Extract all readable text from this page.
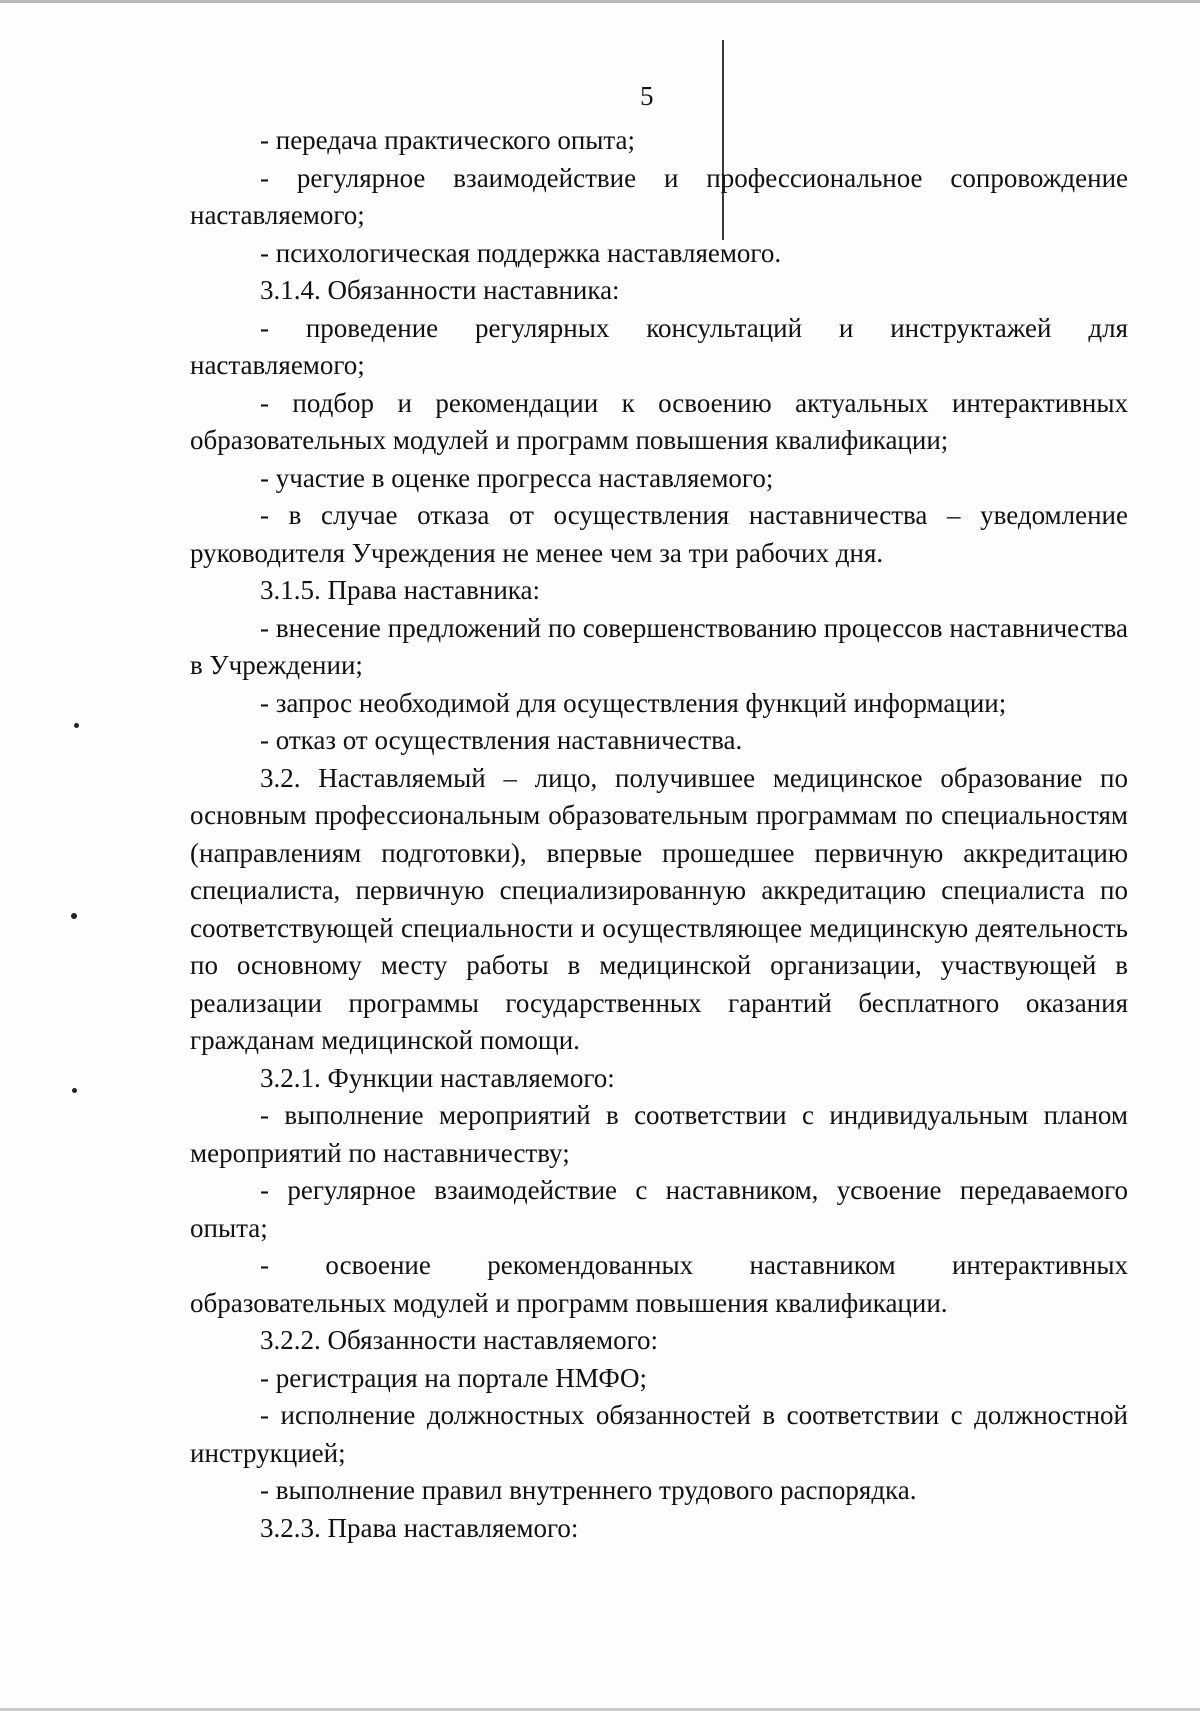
5

- передача практического опыта;

- регулярное взаимодействие и профессиональное сопровождение наставляемого;

- психологическая поддержка наставляемого.

3.1.4. Обязанности наставника:

- проведение регулярных консультаций и инструктажей для наставляемого;

- подбор и рекомендации к освоению актуальных интерактивных образовательных модулей и программ повышения квалификации;

- участие в оценке прогресса наставляемого;

- в случае отказа от осуществления наставничества – уведомление руководителя Учреждения не менее чем за три рабочих дня.

3.1.5. Права наставника:

- внесение предложений по совершенствованию процессов наставничества в Учреждении;

- запрос необходимой для осуществления функций информации;

- отказ от осуществления наставничества.

3.2. Наставляемый – лицо, получившее медицинское образование по основным профессиональным образовательным программам по специальностям (направлениям подготовки), впервые прошедшее первичную аккредитацию специалиста, первичную специализированную аккредитацию специалиста по соответствующей специальности и осуществляющее медицинскую деятельность по основному месту работы в медицинской организации, участвующей в реализации программы государственных гарантий бесплатного оказания гражданам медицинской помощи.

3.2.1. Функции наставляемого:

- выполнение мероприятий в соответствии с индивидуальным планом мероприятий по наставничеству;

- регулярное взаимодействие с наставником, усвоение передаваемого опыта;

- освоение рекомендованных наставником интерактивных образовательных модулей и программ повышения квалификации.

3.2.2. Обязанности наставляемого:

- регистрация на портале НМФО;

- исполнение должностных обязанностей в соответствии с должностной инструкцией;

- выполнение правил внутреннего трудового распорядка.

3.2.3. Права наставляемого:
